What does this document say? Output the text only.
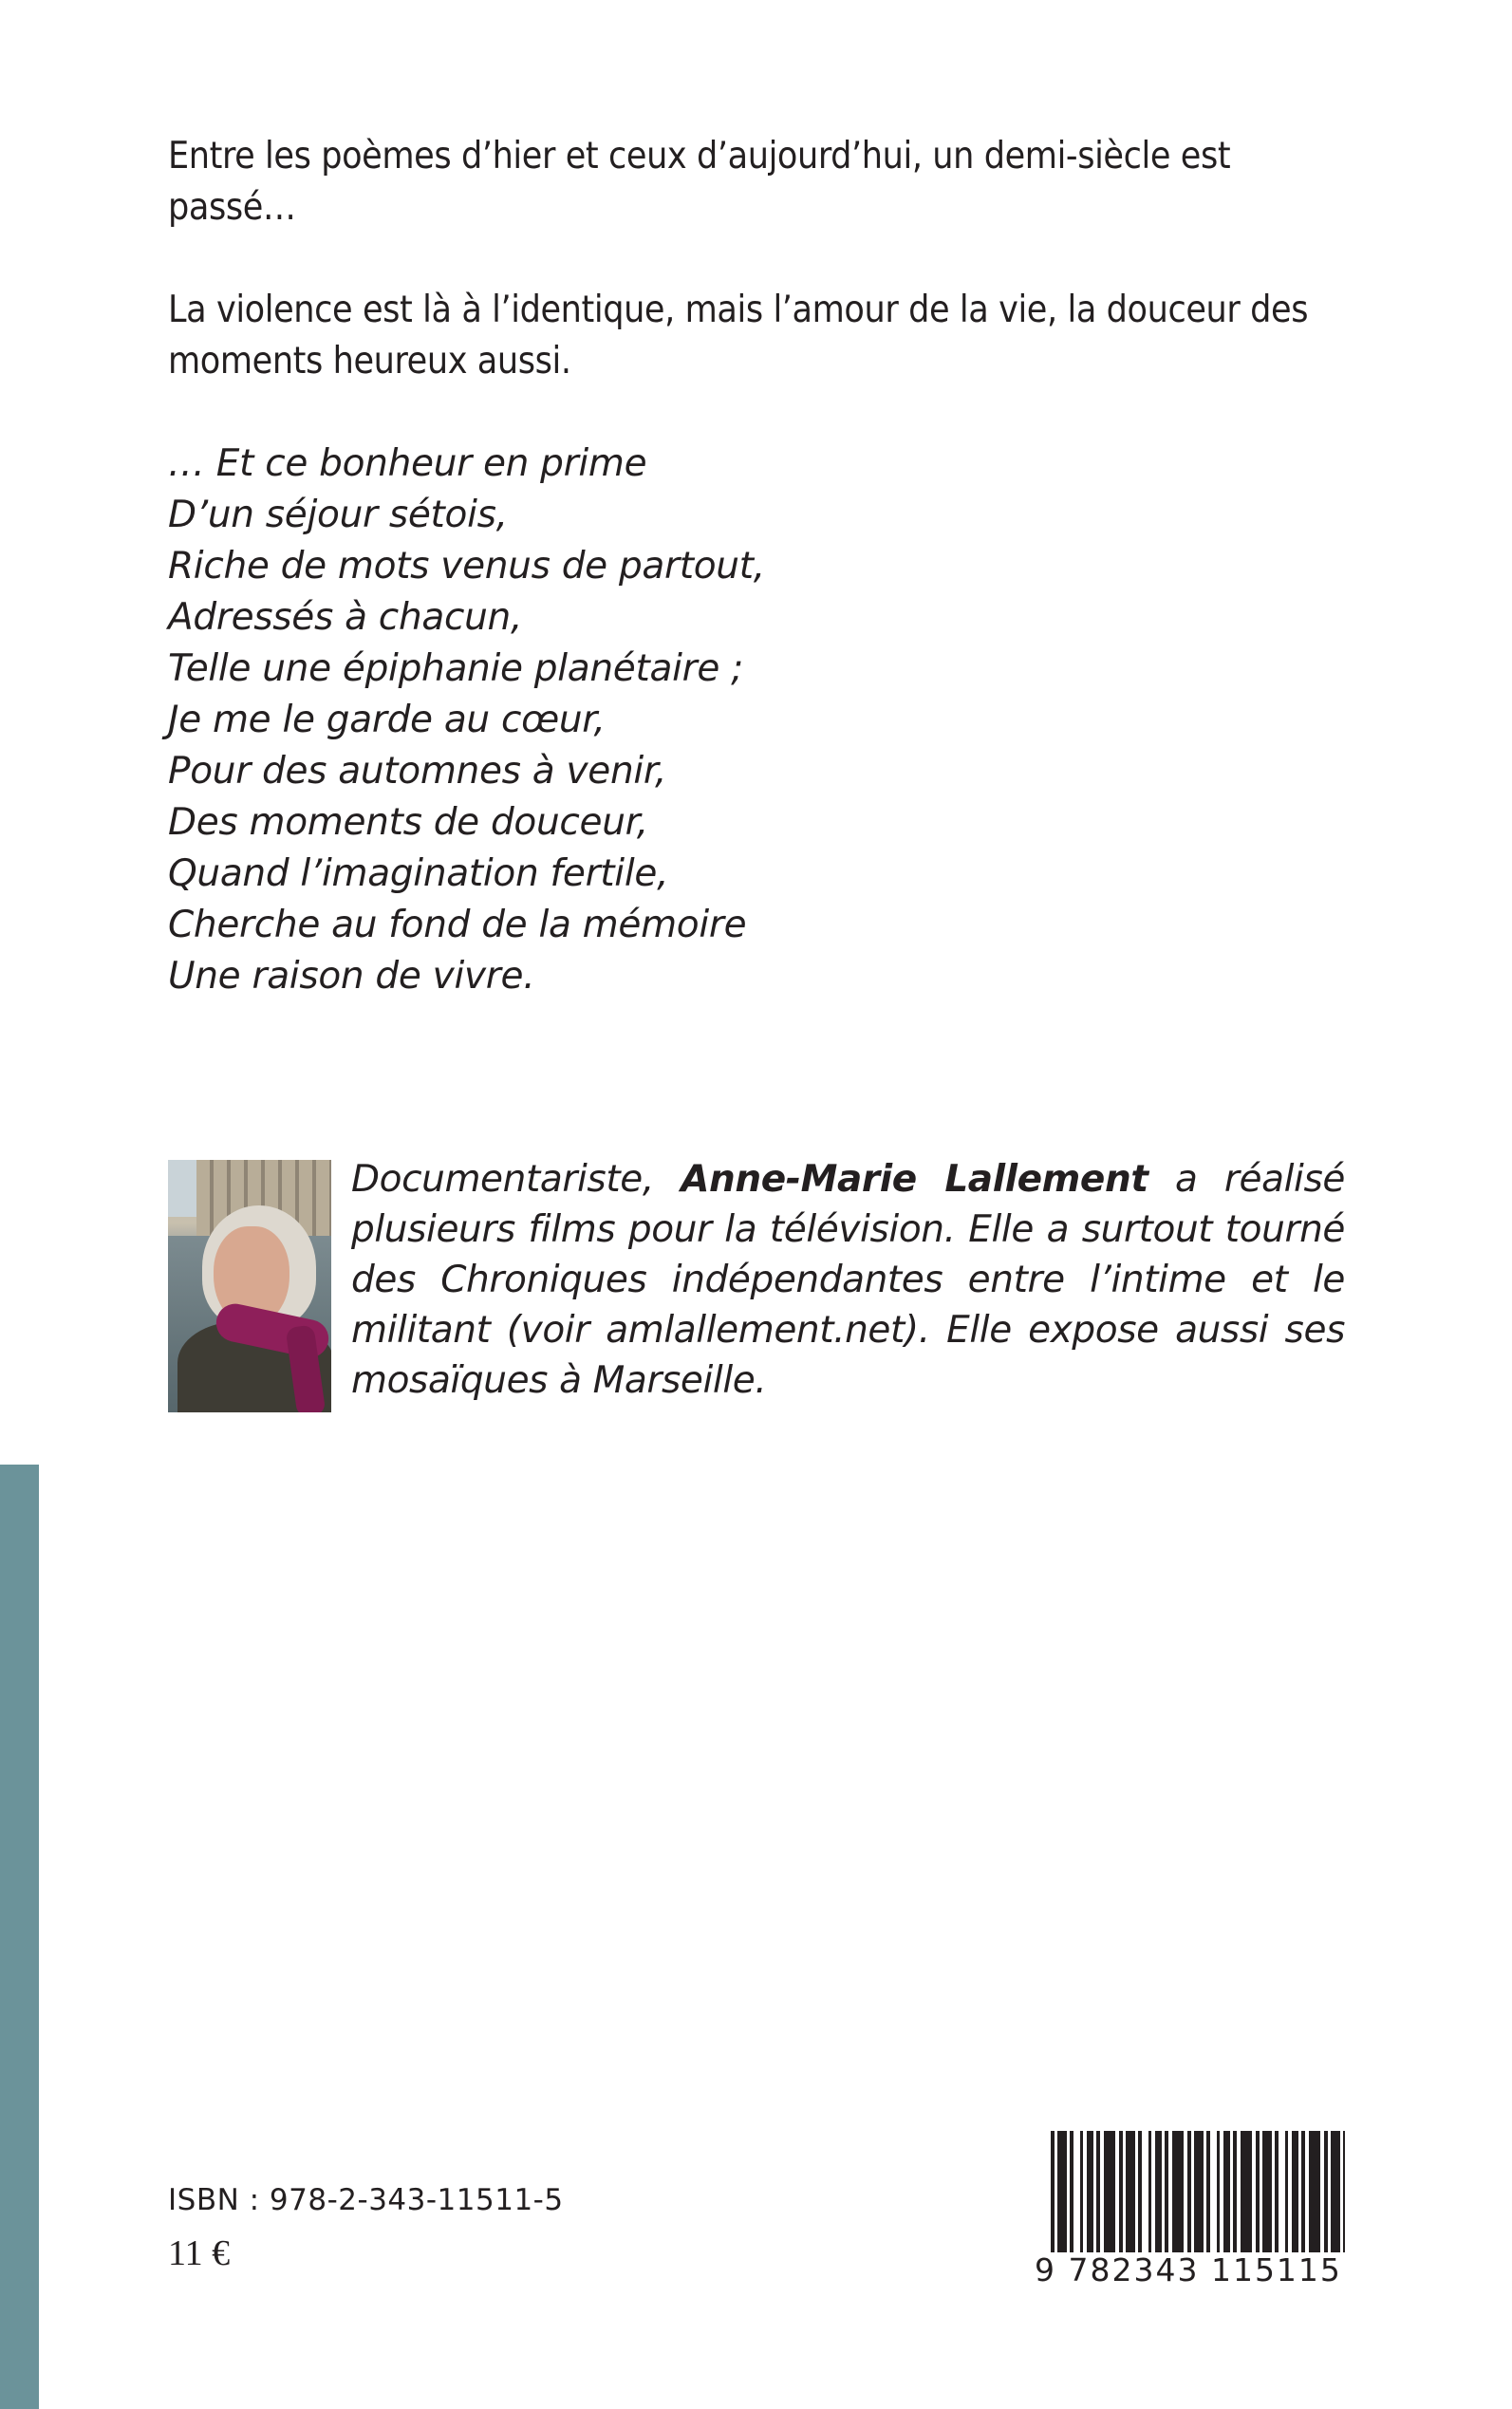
Entre les poèmes d’hier et ceux d’aujourd’hui, un demi-siècle est passé…

La violence est là à l’identique, mais l’amour de la vie, la douceur des moments heureux aussi.

… Et ce bonheur en prime
D’un séjour sétois,
Riche de mots venus de partout,
Adressés à chacun,
Telle une épiphanie planétaire ;
Je me le garde au cœur,
Pour des automnes à venir,
Des moments de douceur,
Quand l’imagination fertile,
Cherche au fond de la mémoire
Une raison de vivre.
Documentariste, Anne-Marie Lallement a réalisé plusieurs films pour la télévision. Elle a surtout tourné des Chroniques indépendantes entre l’intime et le militant (voir amlallement.net). Elle expose aussi ses mosaïques à Marseille.
ISBN : 978-2-343-11511-5
11 €	9 782343 115115
